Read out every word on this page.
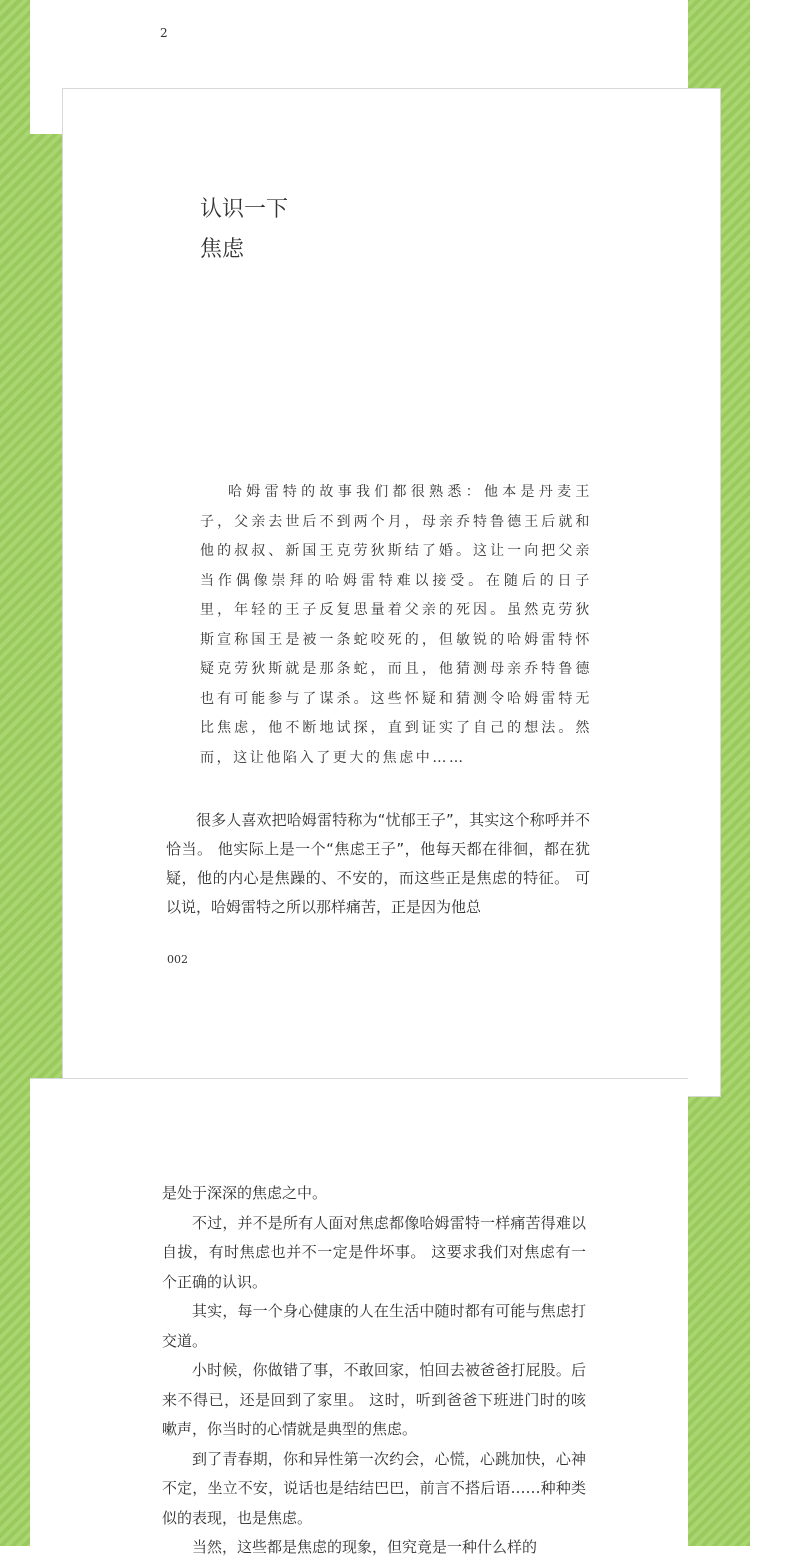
2
认识一下
焦虑

哈姆雷特的故事我们都很熟悉：他本是丹麦王子，父亲去世后不到两个月，母亲乔特鲁德王后就和他的叔叔、新国王克劳狄斯结了婚。这让一向把父亲当作偶像崇拜的哈姆雷特难以接受。在随后的日子里，年轻的王子反复思量着父亲的死因。虽然克劳狄斯宣称国王是被一条蛇咬死的，但敏锐的哈姆雷特怀疑克劳狄斯就是那条蛇，而且，他猜测母亲乔特鲁德也有可能参与了谋杀。这些怀疑和猜测令哈姆雷特无比焦虑，他不断地试探，直到证实了自己的想法。然而，这让他陷入了更大的焦虑中……

很多人喜欢把哈姆雷特称为“忧郁王子”，其实这个称呼并不恰当。 他实际上是一个“焦虑王子”，他每天都在徘徊，都在犹疑，他的内心是焦躁的、不安的，而这些正是焦虑的特征。 可以说，哈姆雷特之所以那样痛苦，正是因为他总

002

是处于深深的焦虑之中。

不过，并不是所有人面对焦虑都像哈姆雷特一样痛苦得难以自拔，有时焦虑也并不一定是件坏事。 这要求我们对焦虑有一个正确的认识。

其实，每一个身心健康的人在生活中随时都有可能与焦虑打交道。

小时候，你做错了事，不敢回家，怕回去被爸爸打屁股。后来不得已，还是回到了家里。 这时，听到爸爸下班进门时的咳嗽声，你当时的心情就是典型的焦虑。

到了青春期，你和异性第一次约会，心慌，心跳加快，心神不定，坐立不安，说话也是结结巴巴，前言不搭后语……种种类似的表现，也是焦虑。

当然，这些都是焦虑的现象，但究竟是一种什么样的
